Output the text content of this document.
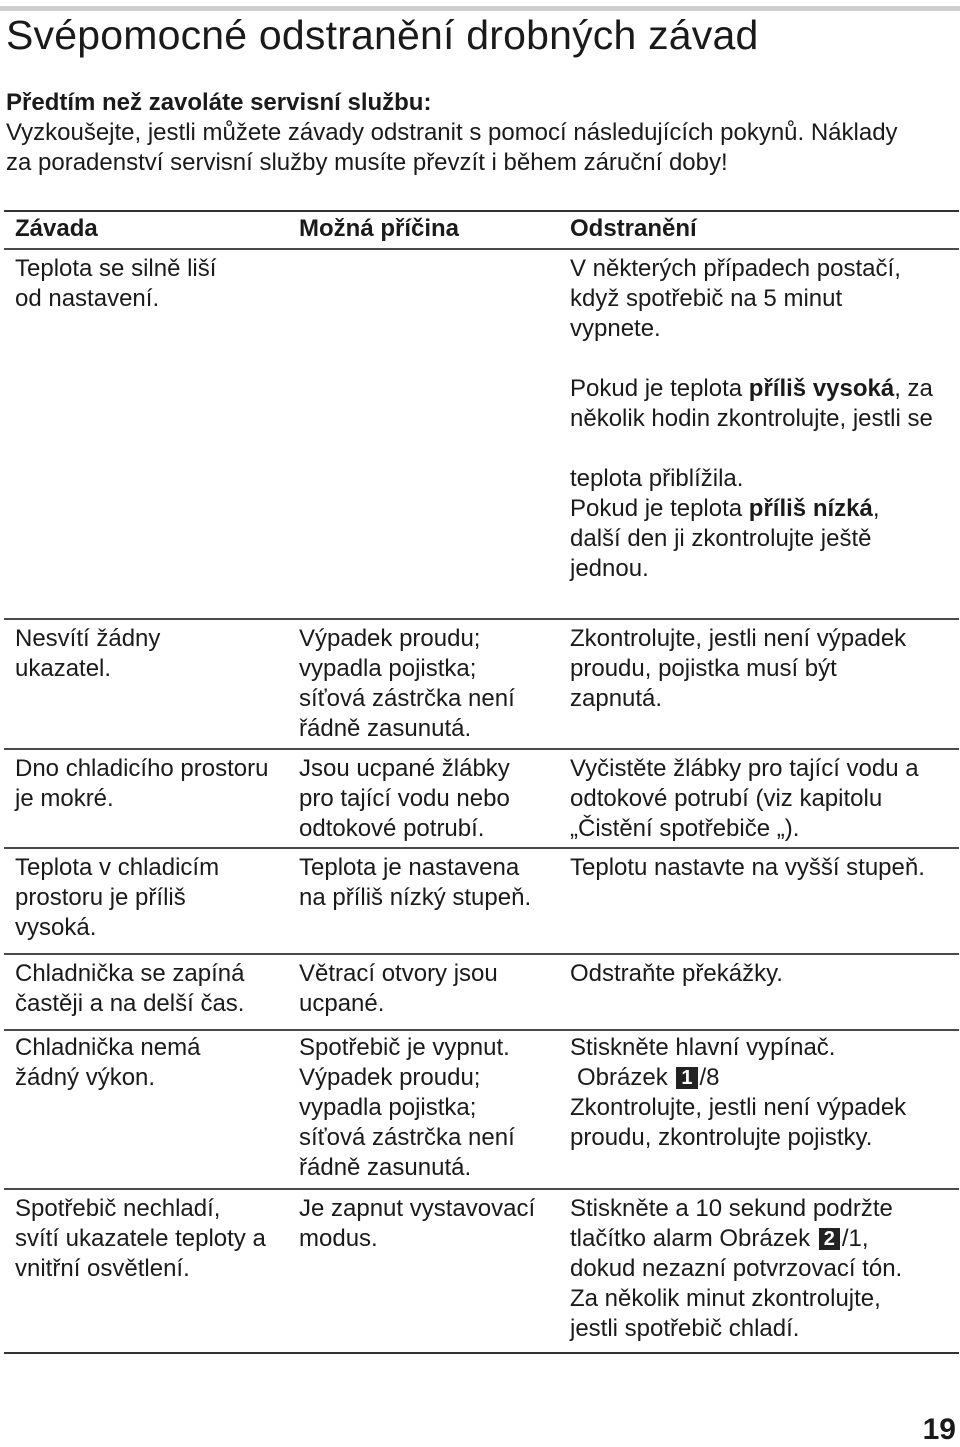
Svépomocné odstranění drobných závad
Předtím než zavoláte servisní službu:
Vyzkoušejte, jestli můžete závady odstranit s pomocí následujících pokynů. Náklady
za poradenství servisní služby musíte převzít i během záruční doby!
Závada	Možná příčina	Odstranění
Teplota se silně liší
od nastavení.
V některých případech postačí,
když spotřebič na 5 minut
vypnete.
Pokud je teplota příliš vysoká, za
několik hodin zkontrolujte, jestli se
teplota přiblížila.
Pokud je teplota příliš nízká,
další den ji zkontrolujte ještě
jednou.
Nesvítí žádny
ukazatel.
Výpadek proudu;
vypadla pojistka;
síťová zástrčka není
řádně zasunutá.
Zkontrolujte, jestli není výpadek
proudu, pojistka musí být
zapnutá.
Dno chladicího prostoru
je mokré.
Jsou ucpané žlábky
pro tající vodu nebo
odtokové potrubí.
Vyčistěte žlábky pro tající vodu a
odtokové potrubí (viz kapitolu
„Čistění spotřebiče „).
Teplota v chladicím
prostoru je příliš
vysoká.
Teplota je nastavena
na příliš nízký stupeň.
Teplotu nastavte na vyšší stupeň.
Chladnička se zapíná
častěji a na delší čas.
Větrací otvory jsou
ucpané.
Odstraňte překážky.
Chladnička nemá
žádný výkon.
Spotřebič je vypnut.
Výpadek proudu;
vypadla pojistka;
síťová zástrčka není
řádně zasunutá.
Stiskněte hlavní vypínač.
Obrázek 1 /8
Zkontrolujte, jestli není výpadek
proudu, zkontrolujte pojistky.
Spotřebič nechladí,
svítí ukazatele teploty a
vnitřní osvětlení.
Je zapnut vystavovací
modus.
Stiskněte a 10 sekund podržte
tlačítko alarm Obrázek 2 /1,
dokud nezazní potvrzovací tón.
Za několik minut zkontrolujte,
jestli spotřebič chladí.
19
